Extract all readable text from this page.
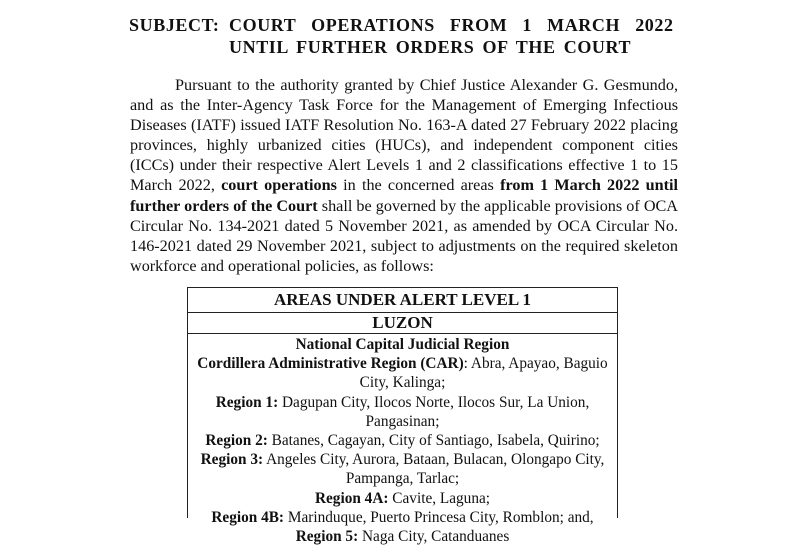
SUBJECT: COURT OPERATIONS FROM 1 MARCH 2022
UNTIL FURTHER ORDERS OF THE COURT

Pursuant to the authority granted by Chief Justice Alexander G. Gesmundo, and as the Inter-Agency Task Force for the Management of Emerging Infectious Diseases (IATF) issued IATF Resolution No. 163-A dated 27 February 2022 placing provinces, highly urbanized cities (HUCs), and independent component cities (ICCs) under their respective Alert Levels 1 and 2 classifications effective 1 to 15 March 2022, court operations in the concerned areas from 1 March 2022 until further orders of the Court shall be governed by the applicable provisions of OCA Circular No. 134-2021 dated 5 November 2021, as amended by OCA Circular No. 146-2021 dated 29 November 2021, subject to adjustments on the required skeleton workforce and operational policies, as follows:

AREAS UNDER ALERT LEVEL 1
LUZON
National Capital Judicial Region
Cordillera Administrative Region (CAR): Abra, Apayao, Baguio City, Kalinga;
Region 1: Dagupan City, Ilocos Norte, Ilocos Sur, La Union, Pangasinan;
Region 2: Batanes, Cagayan, City of Santiago, Isabela, Quirino;
Region 3: Angeles City, Aurora, Bataan, Bulacan, Olongapo City, Pampanga, Tarlac;
Region 4A: Cavite, Laguna;
Region 4B: Marinduque, Puerto Princesa City, Romblon; and,
Region 5: Naga City, Catanduanes
